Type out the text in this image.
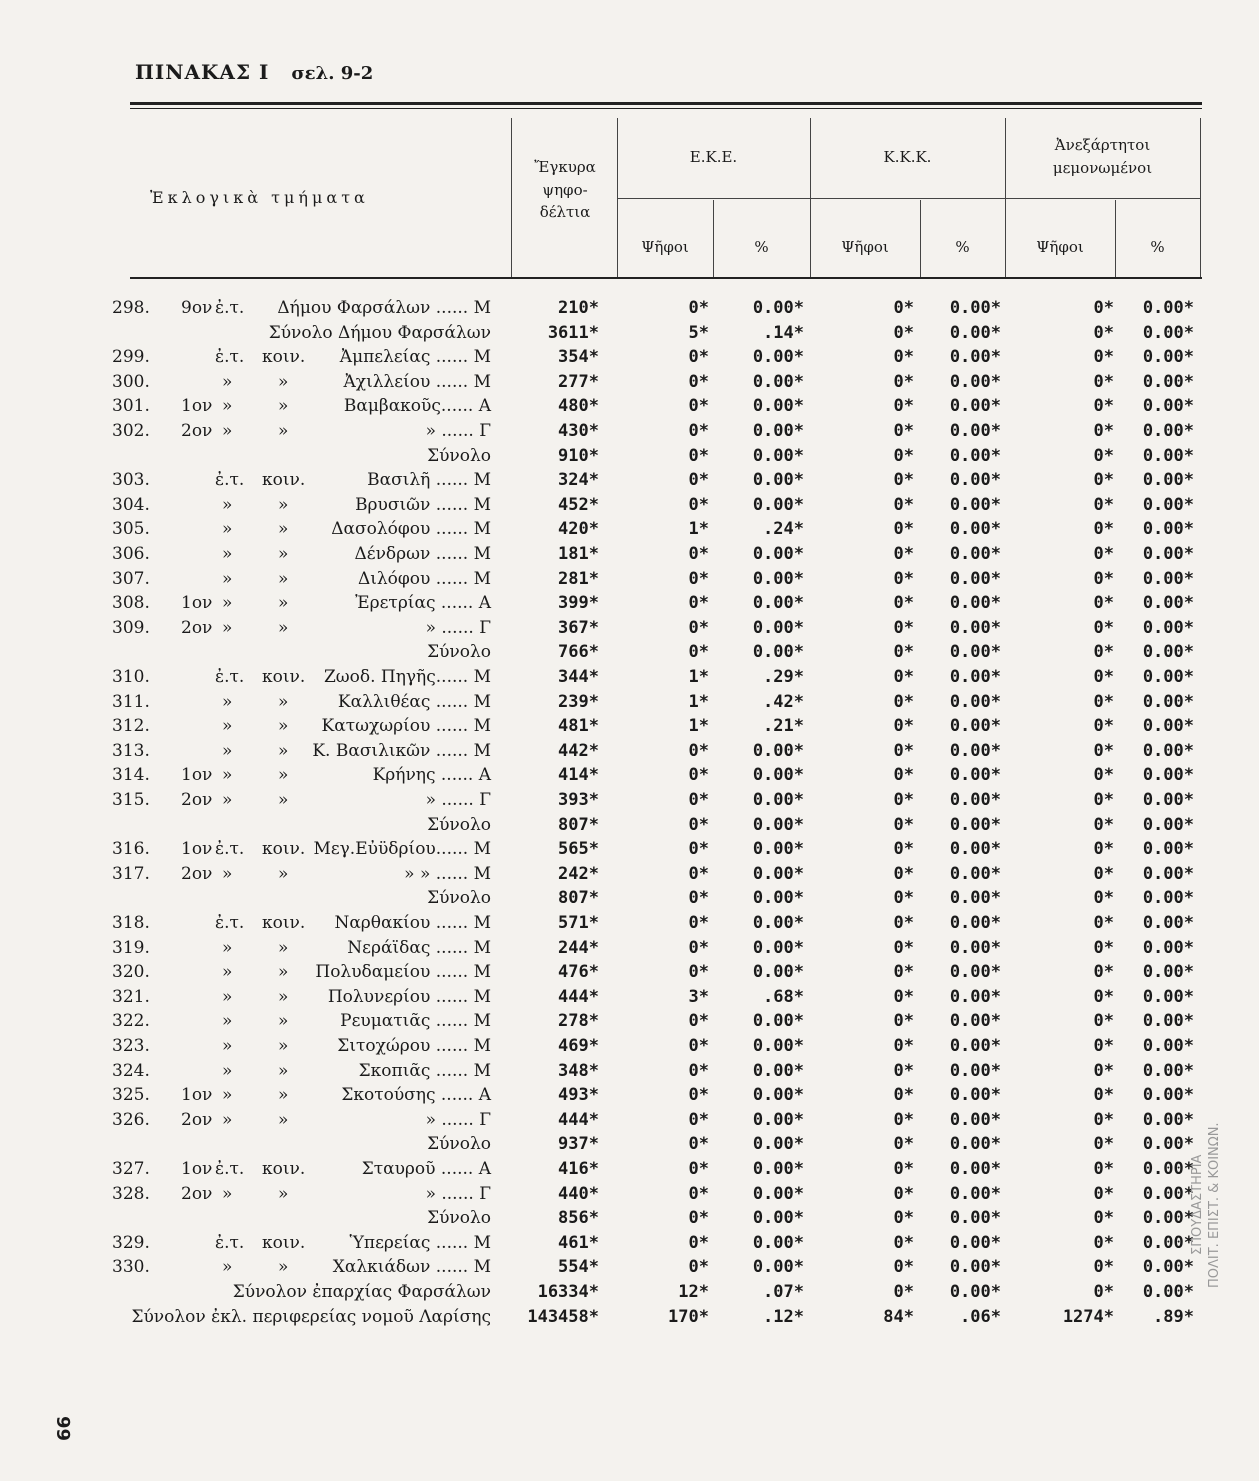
ΠΙΝΑΚΑΣ Ι σελ. 9-2
Ἐκλογικὰ τμήματα
Ἔγκυρα
ψηφο-
δέλτια
Ε.Κ.Ε.	Κ.Κ.Κ.
Ἀνεξάρτητοι
μεμονωμένοι
Ψῆφοι	%	Ψῆφοι	%	Ψῆφοι	%
298.	9ον ἐ.τ. Δήμου Φαρσάλων ...... Μ	210*	0*	0.00*	0* 0.00*	0* 0.00*
Σύνολο Δήμου Φαρσάλων	3611*	5*	.14*	0* 0.00*	0* 0.00*
299.	ἐ.τ. κοιν. Ἀμπελείας ...... Μ	354*	0*	0.00*	0* 0.00*	0* 0.00*
300.	»	»	Ἀχιλλείου ...... Μ	277*	0*	0.00*	0* 0.00*	0* 0.00*
301.	1ον »	»	Βαμβακοῦς...... Α	480*	0*	0.00*	0* 0.00*	0* 0.00*
302.	2ον »	»	» ...... Γ	430*	0*	0.00*	0* 0.00*	0* 0.00*
Σύνολο	910*	0*	0.00*	0* 0.00*	0* 0.00*
303.	ἐ.τ. κοιν.	Βασιλῆ ...... Μ	324*	0*	0.00*	0* 0.00*	0* 0.00*
304.	»	»	Βρυσιῶν ...... Μ	452*	0*	0.00*	0* 0.00*	0* 0.00*
305.	»	»	Δασολόφου ...... Μ	420*	1*	.24*	0* 0.00*	0* 0.00*
306.	»	»	Δένδρων ...... Μ	181*	0*	0.00*	0* 0.00*	0* 0.00*
307.	»	»	Διλόφου ...... Μ	281*	0*	0.00*	0* 0.00*	0* 0.00*
308.	1ον »	»	Ἐρετρίας ...... Α	399*	0*	0.00*	0* 0.00*	0* 0.00*
309.	2ον »	»	» ...... Γ	367*	0*	0.00*	0* 0.00*	0* 0.00*
Σύνολο	766*	0*	0.00*	0* 0.00*	0* 0.00*
310.	ἐ.τ. κοιν. Ζωοδ. Πηγῆς...... Μ	344*	1*	.29*	0* 0.00*	0* 0.00*
311.	»	»	Καλλιθέας ...... Μ	239*	1*	.42*	0* 0.00*	0* 0.00*
312.	»	» Κατωχωρίου ...... Μ	481*	1*	.21*	0* 0.00*	0* 0.00*
313.	»	» Κ. Βασιλικῶν ...... Μ	442*	0*	0.00*	0* 0.00*	0* 0.00*
314.	1ον »	»	Κρήνης ...... Α	414*	0*	0.00*	0* 0.00*	0* 0.00*
315.	2ον »	»	» ...... Γ	393*	0*	0.00*	0* 0.00*	0* 0.00*
Σύνολο	807*	0*	0.00*	0* 0.00*	0* 0.00*
316.	1ον ἐ.τ. κοιν. Μεγ.Εὐϋδρίου...... Μ	565*	0*	0.00*	0* 0.00*	0* 0.00*
317.	2ον »	»	» » ...... Μ	242*	0*	0.00*	0* 0.00*	0* 0.00*
Σύνολο	807*	0*	0.00*	0* 0.00*	0* 0.00*
318.	ἐ.τ. κοιν. Ναρθακίου ...... Μ	571*	0*	0.00*	0* 0.00*	0* 0.00*
319.	»	»	Νεράϊδας ...... Μ	244*	0*	0.00*	0* 0.00*	0* 0.00*
320.	»	» Πολυδαμείου ...... Μ	476*	0*	0.00*	0* 0.00*	0* 0.00*
321.	»	» Πολυνερίου ...... Μ	444*	3*	.68*	0* 0.00*	0* 0.00*
322.	»	»	Ρευματιᾶς ...... Μ	278*	0*	0.00*	0* 0.00*	0* 0.00*
323.	»	»	Σιτοχώρου ...... Μ	469*	0*	0.00*	0* 0.00*	0* 0.00*
324.	»	»	Σκοπιᾶς ...... Μ	348*	0*	0.00*	0* 0.00*	0* 0.00*
325.	1ον »	»	Σκοτούσης ...... Α	493*	0*	0.00*	0* 0.00*	0* 0.00*
326.	2ον »	»	» ...... Γ	444*	0*	0.00*	0* 0.00*	0* 0.00*
Σύνολο	937*	0*	0.00*	0* 0.00*	0* 0.00*
327.	1ον ἐ.τ. κοιν.	Σταυροῦ ...... Α	416*	0*	0.00*	0* 0.00*	0* 0.00*
328.	2ον »	»	» ...... Γ	440*	0*	0.00*	0* 0.00*	0* 0.00*
Σύνολο	856*	0*	0.00*	0* 0.00*	0* 0.00*
329.	ἐ.τ. κοιν.	Ὑπερείας ...... Μ	461*	0*	0.00*	0* 0.00*	0* 0.00*
330.	»	»	Χαλκιάδων ...... Μ	554*	0*	0.00*	0* 0.00*	0* 0.00*
Σύνολον ἐπαρχίας Φαρσάλων	16334*	12*	.07*	0* 0.00*	0* 0.00*
Σύνολον ἐκλ. περιφερείας νομοῦ Λαρίσης 143458*	170*	.12*	84*	.06*	1274* .89*
ΣΠΟΥΔΑΣΤΗΡΙΑ ΠΟΛΙΤ. ΕΠΙΣΤ. & ΚΟΙΝΩΝ.
66
